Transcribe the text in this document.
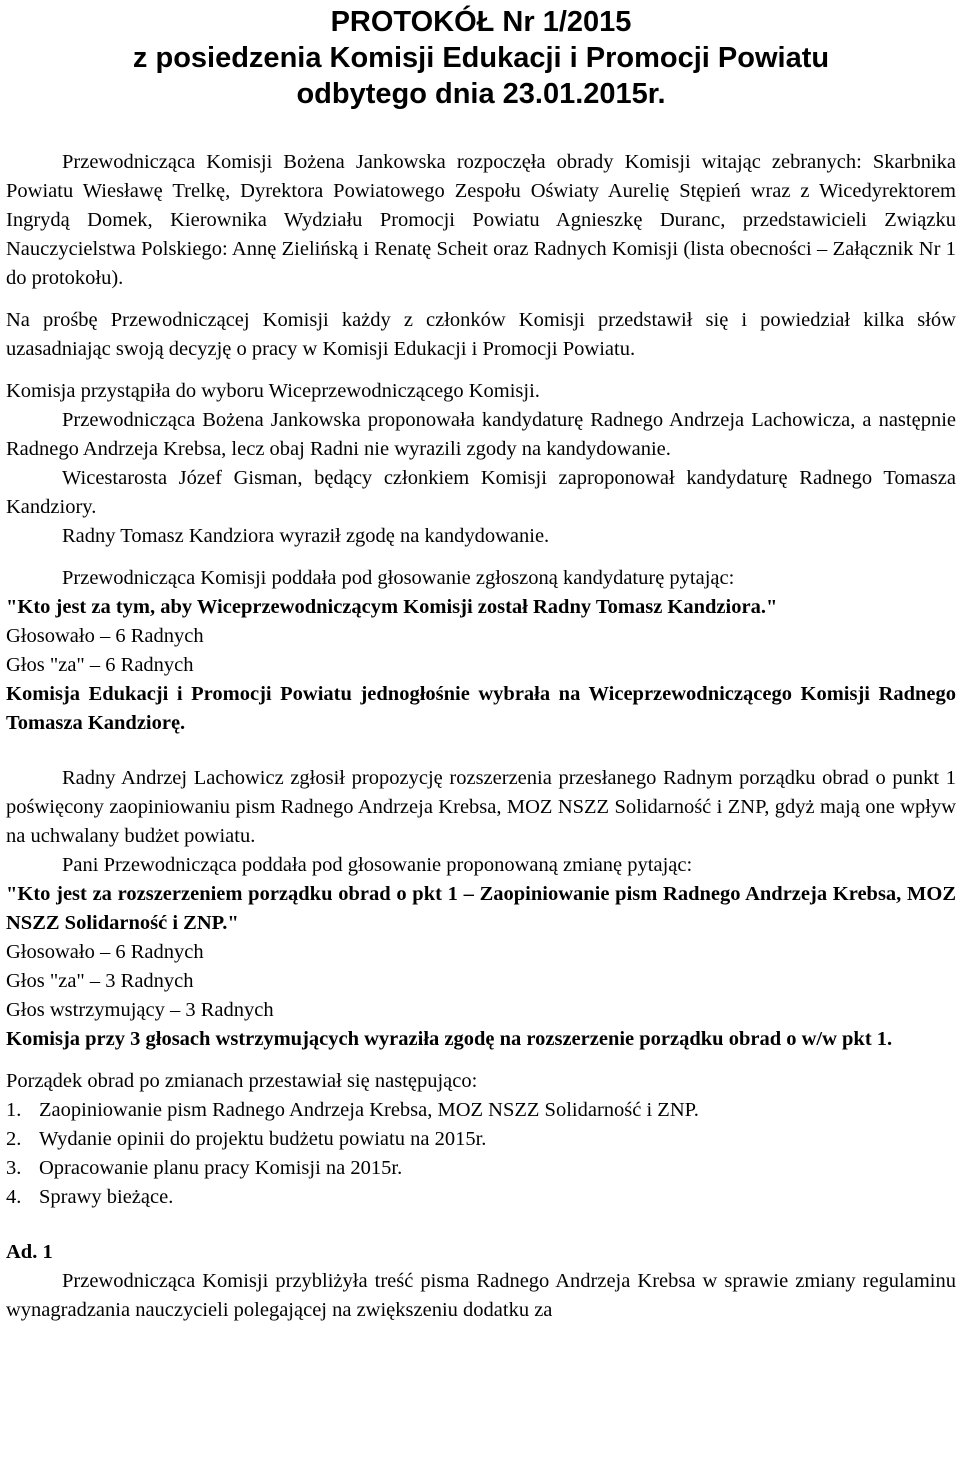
PROTOKÓŁ Nr 1/2015

z posiedzenia Komisji Edukacji i Promocji Powiatu

odbytego dnia 23.01.2015r.

Przewodnicząca Komisji Bożena Jankowska rozpoczęła obrady Komisji witając zebranych: Skarbnika Powiatu Wiesławę Trelkę, Dyrektora Powiatowego Zespołu Oświaty Aurelię Stępień wraz z Wicedyrektorem Ingrydą Domek, Kierownika Wydziału Promocji Powiatu Agnieszkę Duranc, przedstawicieli Związku Nauczycielstwa Polskiego: Annę Zielińską i Renatę Scheit oraz Radnych Komisji (lista obecności – Załącznik Nr 1 do protokołu).

Na prośbę Przewodniczącej Komisji każdy z członków Komisji przedstawił się i powiedział kilka słów uzasadniając swoją decyzję o pracy w Komisji Edukacji i Promocji Powiatu.

Komisja przystąpiła do wyboru Wiceprzewodniczącego Komisji.

Przewodnicząca Bożena Jankowska proponowała kandydaturę Radnego Andrzeja Lachowicza, a następnie Radnego Andrzeja Krebsa, lecz obaj Radni nie wyrazili zgody na kandydowanie.

Wicestarosta Józef Gisman, będący członkiem Komisji zaproponował kandydaturę Radnego Tomasza Kandziory.

Radny Tomasz Kandziora wyraził zgodę na kandydowanie.

Przewodnicząca Komisji poddała pod głosowanie zgłoszoną kandydaturę pytając:

"Kto jest za tym, aby Wiceprzewodniczącym Komisji został Radny Tomasz Kandziora."

Głosowało – 6 Radnych

Głos "za" – 6 Radnych

Komisja Edukacji i Promocji Powiatu jednogłośnie wybrała na Wiceprzewodniczącego Komisji Radnego Tomasza Kandziorę.

Radny Andrzej Lachowicz zgłosił propozycję rozszerzenia przesłanego Radnym porządku obrad o punkt 1 poświęcony zaopiniowaniu pism Radnego Andrzeja Krebsa, MOZ NSZZ Solidarność i ZNP, gdyż mają one wpływ na uchwalany budżet powiatu.

Pani Przewodnicząca poddała pod głosowanie proponowaną zmianę pytając:

"Kto jest za rozszerzeniem porządku obrad o pkt 1 – Zaopiniowanie pism Radnego Andrzeja Krebsa, MOZ NSZZ Solidarność i ZNP."

Głosowało – 6 Radnych

Głos "za" – 3 Radnych

Głos wstrzymujący – 3 Radnych

Komisja przy 3 głosach wstrzymujących wyraziła zgodę na rozszerzenie porządku obrad o w/w pkt 1.

Porządek obrad po zmianach przestawiał się następująco:

1. Zaopiniowanie pism Radnego Andrzeja Krebsa, MOZ NSZZ Solidarność i ZNP.
2. Wydanie opinii do projektu budżetu powiatu na 2015r.
3. Opracowanie planu pracy Komisji na 2015r.
4. Sprawy bieżące.

Ad. 1

Przewodnicząca Komisji przybliżyła treść pisma Radnego Andrzeja Krebsa w sprawie zmiany regulaminu wynagradzania nauczycieli polegającej na zwiększeniu dodatku za
